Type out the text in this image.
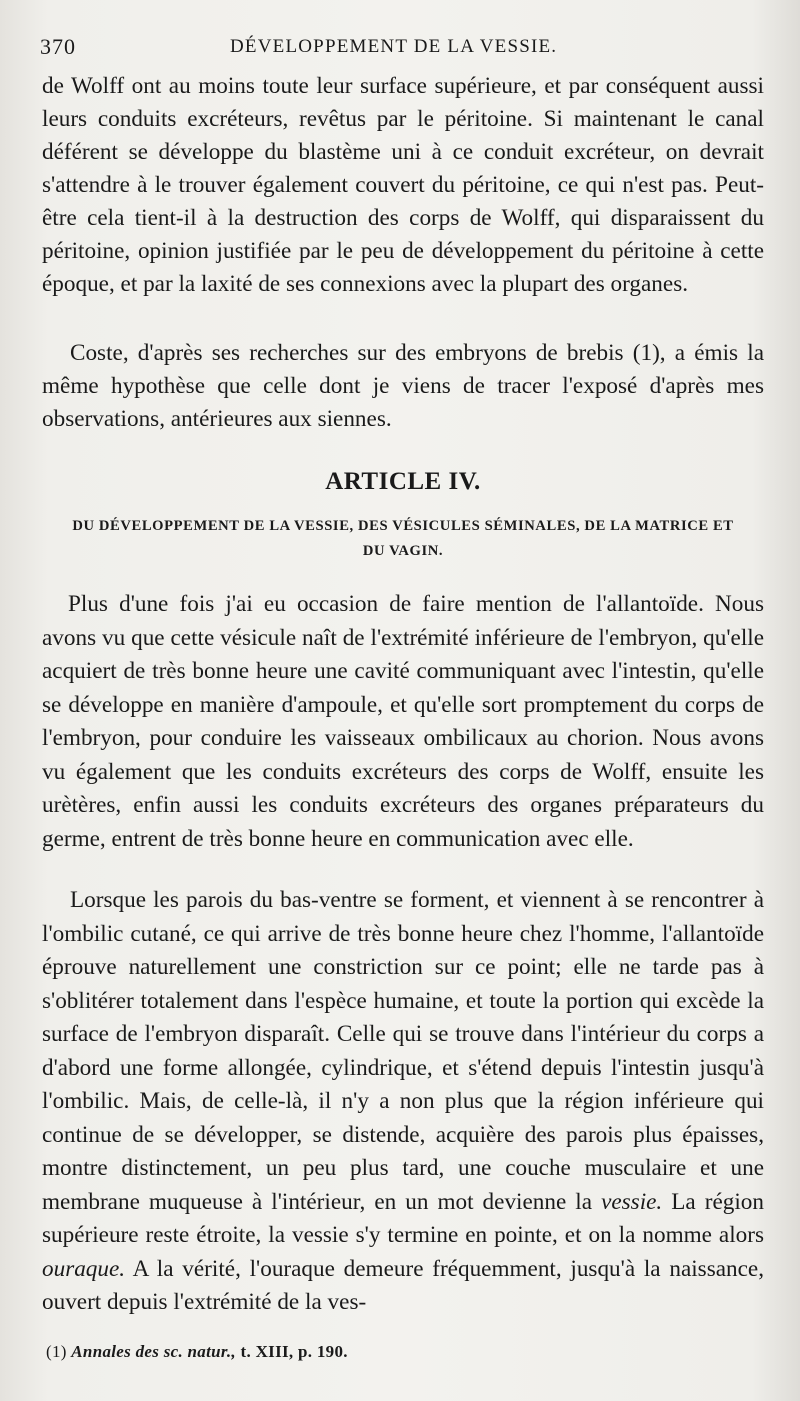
370	DÉVELOPPEMENT DE LA VESSIE.

de Wolff ont au moins toute leur surface supérieure, et par conséquent aussi leurs conduits excréteurs, revêtus par le péritoine. Si maintenant le canal déférent se développe du blastème uni à ce conduit excréteur, on devrait s'attendre à le trouver également couvert du péritoine, ce qui n'est pas. Peut-être cela tient-il à la destruction des corps de Wolff, qui disparaissent du péritoine, opinion justifiée par le peu de développement du péritoine à cette époque, et par la laxité de ses connexions avec la plupart des organes.

Coste, d'après ses recherches sur des embryons de brebis (1), a émis la même hypothèse que celle dont je viens de tracer l'exposé d'après mes observations, antérieures aux siennes.

ARTICLE IV.
DU DÉVELOPPEMENT DE LA VESSIE, DES VÉSICULES SÉMINALES, DE LA MATRICE ET DU VAGIN.

Plus d'une fois j'ai eu occasion de faire mention de l'allantoïde. Nous avons vu que cette vésicule naît de l'extrémité inférieure de l'embryon, qu'elle acquiert de très bonne heure une cavité communiquant avec l'intestin, qu'elle se développe en manière d'ampoule, et qu'elle sort promptement du corps de l'embryon, pour conduire les vaisseaux ombilicaux au chorion. Nous avons vu également que les conduits excréteurs des corps de Wolff, ensuite les urètères, enfin aussi les conduits excréteurs des organes préparateurs du germe, entrent de très bonne heure en communication avec elle.

Lorsque les parois du bas-ventre se forment, et viennent à se rencontrer à l'ombilic cutané, ce qui arrive de très bonne heure chez l'homme, l'allantoïde éprouve naturellement une constriction sur ce point; elle ne tarde pas à s'oblitérer totalement dans l'espèce humaine, et toute la portion qui excède la surface de l'embryon disparaît. Celle qui se trouve dans l'intérieur du corps a d'abord une forme allongée, cylindrique, et s'étend depuis l'intestin jusqu'à l'ombilic. Mais, de celle-là, il n'y a non plus que la région inférieure qui continue de se développer, se distende, acquière des parois plus épaisses, montre distinctement, un peu plus tard, une couche musculaire et une membrane muqueuse à l'intérieur, en un mot devienne la vessie. La région supérieure reste étroite, la vessie s'y termine en pointe, et on la nomme alors ouraque. A la vérité, l'ouraque demeure fréquemment, jusqu'à la naissance, ouvert depuis l'extrémité de la ves-

(1) Annales des sc. natur., t. XIII, p. 190.
